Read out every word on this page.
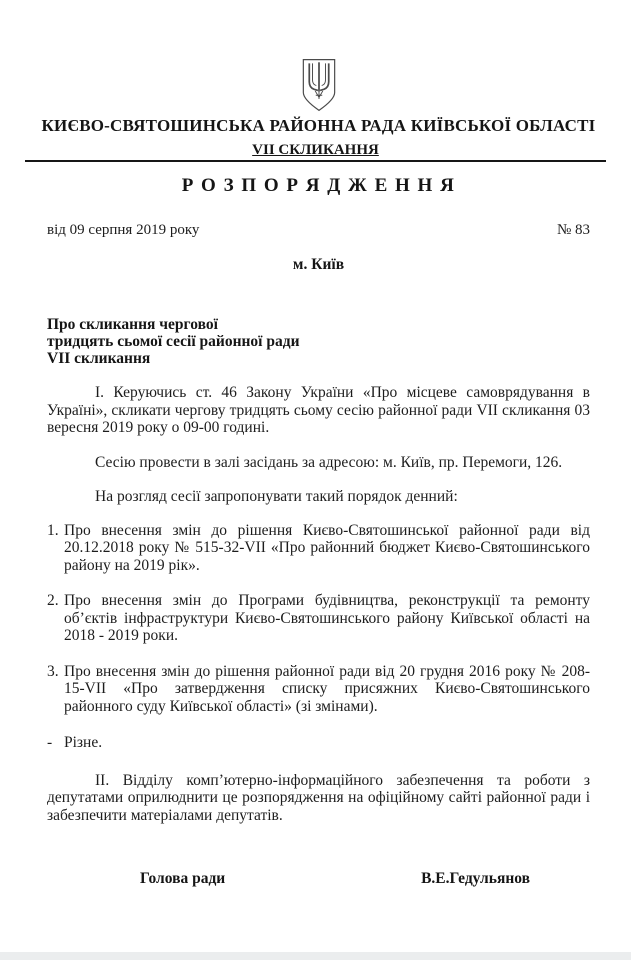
КИЄВО-СВЯТОШИНСЬКА РАЙОННА РАДА КИЇВСЬКОЇ ОБЛАСТІ
VII СКЛИКАННЯ
Р О З П О Р Я Д Ж Е Н Н Я
від 09 серпня 2019 року	№ 83
м. Київ
Про скликання чергової
тридцять сьомої сесії районної ради
VII скликання

І. Керуючись ст. 46 Закону України «Про місцеве самоврядування в Україні», скликати чергову тридцять сьому сесію районної ради VII скликання 03 вересня 2019 року о 09-00 годині.

Сесію провести в залі засідань за адресою: м. Київ, пр. Перемоги, 126.

На розгляд сесії запропонувати такий порядок денний:

1. Про внесення змін до рішення Києво-Святошинської районної ради від 20.12.2018 року № 515-32-VII «Про районний бюджет Києво-Святошинського району на 2019 рік».
2. Про внесення змін до Програми будівництва, реконструкції та ремонту об’єктів інфраструктури Києво-Святошинського району Київської області на 2018 - 2019 роки.
3. Про внесення змін до рішення районної ради від 20 грудня 2016 року № 208-15-VII «Про затвердження списку присяжних Києво-Святошинського районного суду Київської області» (зі змінами).
- Різне.

ІІ. Відділу комп’ютерно-інформаційного забезпечення та роботи з депутатами оприлюднити це розпорядження на офіційному сайті районної ради і забезпечити матеріалами депутатів.

Голова ради	В.Е.Гедульянов
